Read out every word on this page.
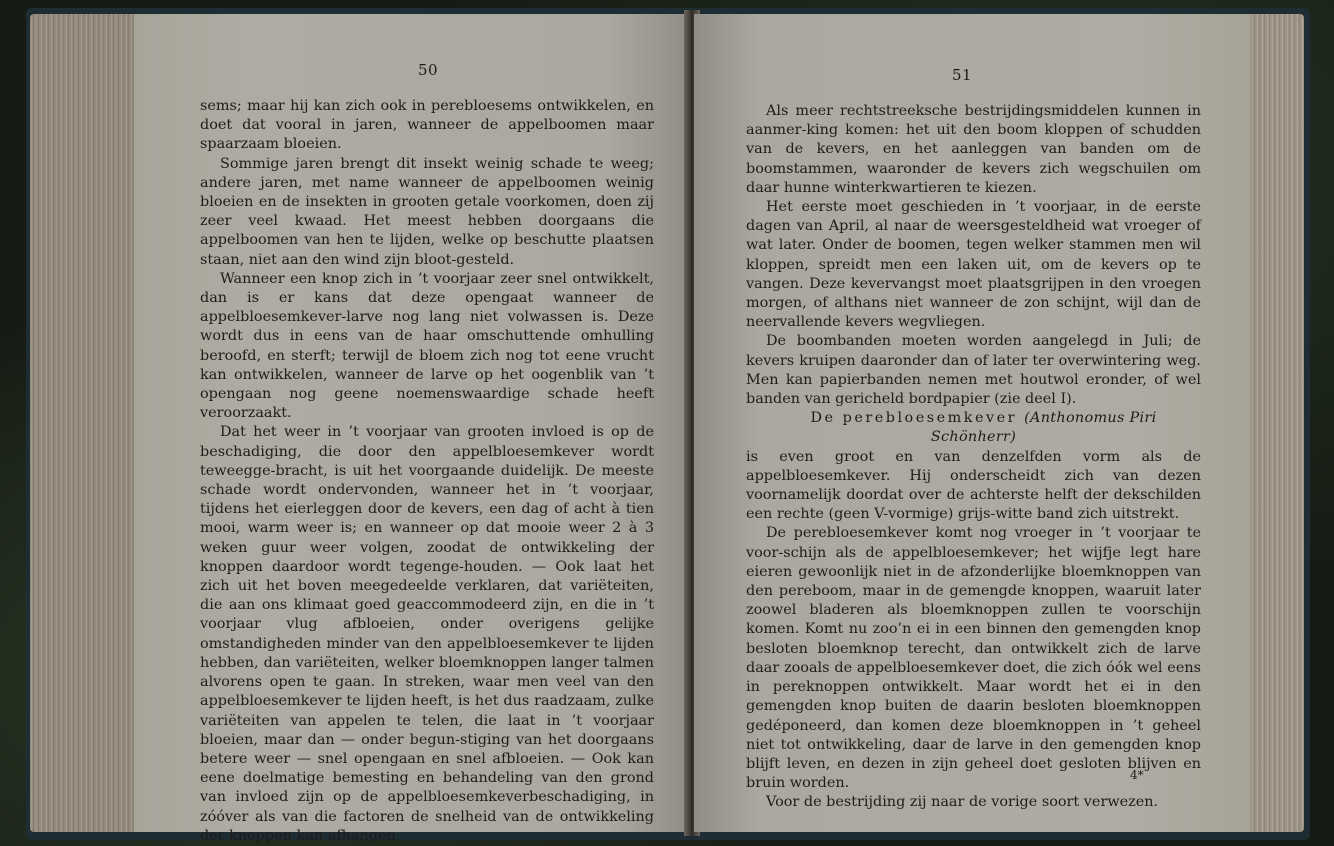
50

sems; maar hij kan zich ook in perebloesems ontwikkelen, en doet dat vooral in jaren, wanneer de appelboomen maar spaarzaam bloeien.

Sommige jaren brengt dit insekt weinig schade te weeg; andere jaren, met name wanneer de appelboomen weinig bloeien en de insekten in grooten getale voorkomen, doen zij zeer veel kwaad. Het meest hebben doorgaans die appelboomen van hen te lijden, welke op beschutte plaatsen staan, niet aan den wind zijn bloot-gesteld.

Wanneer een knop zich in ’t voorjaar zeer snel ontwikkelt, dan is er kans dat deze opengaat wanneer de appelbloesemkever-larve nog lang niet volwassen is. Deze wordt dus in eens van de haar omschuttende omhulling beroofd, en sterft; terwijl de bloem zich nog tot eene vrucht kan ontwikkelen, wanneer de larve op het oogenblik van ’t opengaan nog geene noemenswaardige schade heeft veroorzaakt.

Dat het weer in ’t voorjaar van grooten invloed is op de beschadiging, die door den appelbloesemkever wordt teweegge-bracht, is uit het voorgaande duidelijk. De meeste schade wordt ondervonden, wanneer het in ’t voorjaar, tijdens het eierleggen door de kevers, een dag of acht à tien mooi, warm weer is; en wanneer op dat mooie weer 2 à 3 weken guur weer volgen, zoodat de ontwikkeling der knoppen daardoor wordt tegenge-houden. — Ook laat het zich uit het boven meegedeelde verklaren, dat variëteiten, die aan ons klimaat goed geaccommodeerd zijn, en die in ’t voorjaar vlug afbloeien, onder overigens gelijke omstandigheden minder van den appelbloesemkever te lijden hebben, dan variëteiten, welker bloemknoppen langer talmen alvorens open te gaan. In streken, waar men veel van den appelbloesemkever te lijden heeft, is het dus raadzaam, zulke variëteiten van appelen te telen, die laat in ’t voorjaar bloeien, maar dan — onder begun-stiging van het doorgaans betere weer — snel opengaan en snel afbloeien. — Ook kan eene doelmatige bemesting en behandeling van den grond van invloed zijn op de appelbloesemkeverbeschadiging, in zóóver als van die factoren de snelheid van de ontwikkeling der knoppen kan afhangen.

51

Als meer rechtstreeksche bestrijdingsmiddelen kunnen in aanmer-king komen: het uit den boom kloppen of schudden van de kevers, en het aanleggen van banden om de boomstammen, waaronder de kevers zich wegschuilen om daar hunne winterkwartieren te kiezen.

Het eerste moet geschieden in ’t voorjaar, in de eerste dagen van April, al naar de weersgesteldheid wat vroeger of wat later. Onder de boomen, tegen welker stammen men wil kloppen, spreidt men een laken uit, om de kevers op te vangen. Deze kevervangst moet plaatsgrijpen in den vroegen morgen, of althans niet wanneer de zon schijnt, wijl dan de neervallende kevers wegvliegen.

De boombanden moeten worden aangelegd in Juli; de kevers kruipen daaronder dan of later ter overwintering weg. Men kan papierbanden nemen met houtwol eronder, of wel banden van gericheld bordpapier (zie deel I).

De perebloesemkever (Anthonomus Piri Schönherr)

is even groot en van denzelfden vorm als de appelbloesemkever. Hij onderscheidt zich van dezen voornamelijk doordat over de achterste helft der dekschilden een rechte (geen V-vormige) grijs-witte band zich uitstrekt.

De perebloesemkever komt nog vroeger in ’t voorjaar te voor-schijn als de appelbloesemkever; het wijfje legt hare eieren gewoonlijk niet in de afzonderlijke bloemknoppen van den pereboom, maar in de gemengde knoppen, waaruit later zoowel bladeren als bloemknoppen zullen te voorschijn komen. Komt nu zoo’n ei in een binnen den gemengden knop besloten bloemknop terecht, dan ontwikkelt zich de larve daar zooals de appelbloesemkever doet, die zich óók wel eens in pereknoppen ontwikkelt. Maar wordt het ei in den gemengden knop buiten de daarin besloten bloemknoppen gedéponeerd, dan komen deze bloemknoppen in ’t geheel niet tot ontwikkeling, daar de larve in den gemengden knop blijft leven, en dezen in zijn geheel doet gesloten blijven en bruin worden.

Voor de bestrijding zij naar de vorige soort verwezen.

4*
